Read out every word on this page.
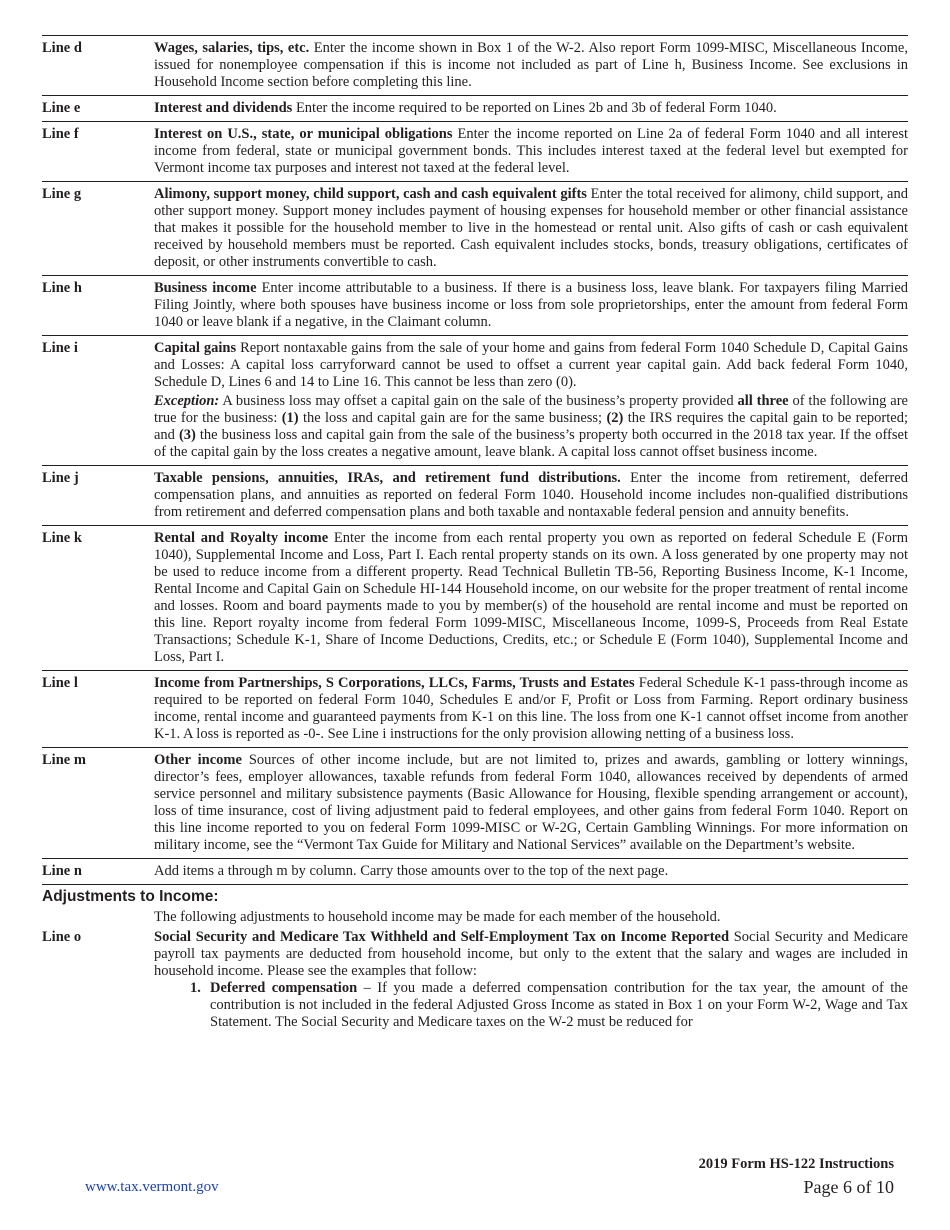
Line d	Wages, salaries, tips, etc. Enter the income shown in Box 1 of the W-2. Also report Form 1099-MISC, Miscellaneous Income, issued for nonemployee compensation if this is income not included as part of Line h, Business Income. See exclusions in Household Income section before completing this line.

Line e	Interest and dividends Enter the income required to be reported on Lines 2b and 3b of federal Form 1040.

Line f	Interest on U.S., state, or municipal obligations Enter the income reported on Line 2a of federal Form 1040 and all interest income from federal, state or municipal government bonds. This includes interest taxed at the federal level but exempted for Vermont income tax purposes and interest not taxed at the federal level.

Line g	Alimony, support money, child support, cash and cash equivalent gifts Enter the total received for alimony, child support, and other support money. Support money includes payment of housing expenses for household member or other financial assistance that makes it possible for the household member to live in the homestead or rental unit. Also gifts of cash or cash equivalent received by household members must be reported. Cash equivalent includes stocks, bonds, treasury obligations, certificates of deposit, or other instruments convertible to cash.

Line h	Business income Enter income attributable to a business. If there is a business loss, leave blank. For taxpayers filing Married Filing Jointly, where both spouses have business income or loss from sole proprietorships, enter the amount from federal Form 1040 or leave blank if a negative, in the Claimant column.

Line i	Capital gains Report nontaxable gains from the sale of your home and gains from federal Form 1040 Schedule D, Capital Gains and Losses: A capital loss carryforward cannot be used to offset a current year capital gain. Add back federal Form 1040, Schedule D, Lines 6 and 14 to Line 16. This cannot be less than zero (0).

Exception: A business loss may offset a capital gain on the sale of the business’s property provided all three of the following are true for the business: (1) the loss and capital gain are for the same business; (2) the IRS requires the capital gain to be reported; and (3) the business loss and capital gain from the sale of the business’s property both occurred in the 2018 tax year. If the offset of the capital gain by the loss creates a negative amount, leave blank. A capital loss cannot offset business income.

Line j	Taxable pensions, annuities, IRAs, and retirement fund distributions. Enter the income from retirement, deferred compensation plans, and annuities as reported on federal Form 1040. Household income includes non-qualified distributions from retirement and deferred compensation plans and both taxable and nontaxable federal pension and annuity benefits.

Line k	Rental and Royalty income Enter the income from each rental property you own as reported on federal Schedule E (Form 1040), Supplemental Income and Loss, Part I. Each rental property stands on its own. A loss generated by one property may not be used to reduce income from a different property. Read Technical Bulletin TB-56, Reporting Business Income, K-1 Income, Rental Income and Capital Gain on Schedule HI-144 Household income, on our website for the proper treatment of rental income and losses. Room and board payments made to you by member(s) of the household are rental income and must be reported on this line. Report royalty income from federal Form 1099-MISC, Miscellaneous Income, 1099-S, Proceeds from Real Estate Transactions; Schedule K-1, Share of Income Deductions, Credits, etc.; or Schedule E (Form 1040), Supplemental Income and Loss, Part I.

Line l	Income from Partnerships, S Corporations, LLCs, Farms, Trusts and Estates Federal Schedule K-1 pass-through income as required to be reported on federal Form 1040, Schedules E and/or F, Profit or Loss from Farming. Report ordinary business income, rental income and guaranteed payments from K-1 on this line. The loss from one K-1 cannot offset income from another K-1. A loss is reported as -0-. See Line i instructions for the only provision allowing netting of a business loss.

Line m	Other income Sources of other income include, but are not limited to, prizes and awards, gambling or lottery winnings, director’s fees, employer allowances, taxable refunds from federal Form 1040, allowances received by dependents of armed service personnel and military subsistence payments (Basic Allowance for Housing, flexible spending arrangement or account), loss of time insurance, cost of living adjustment paid to federal employees, and other gains from federal Form 1040. Report on this line income reported to you on federal Form 1099-MISC or W-2G, Certain Gambling Winnings. For more information on military income, see the “Vermont Tax Guide for Military and National Services” available on the Department’s website.

Line n	Add items a through m by column. Carry those amounts over to the top of the next page.

Adjustments to Income:
The following adjustments to household income may be made for each member of the household.
Line o	Social Security and Medicare Tax Withheld and Self-Employment Tax on Income Reported Social Security and Medicare payroll tax payments are deducted from household income, but only to the extent that the salary and wages are included in household income. Please see the examples that follow:
1. Deferred compensation – If you made a deferred compensation contribution for the tax year, the amount of the contribution is not included in the federal Adjusted Gross Income as stated in Box 1 on your Form W-2, Wage and Tax Statement. The Social Security and Medicare taxes on the W-2 must be reduced for
2019 Form HS-122 Instructions
Page 6 of 10
www.tax.vermont.gov
